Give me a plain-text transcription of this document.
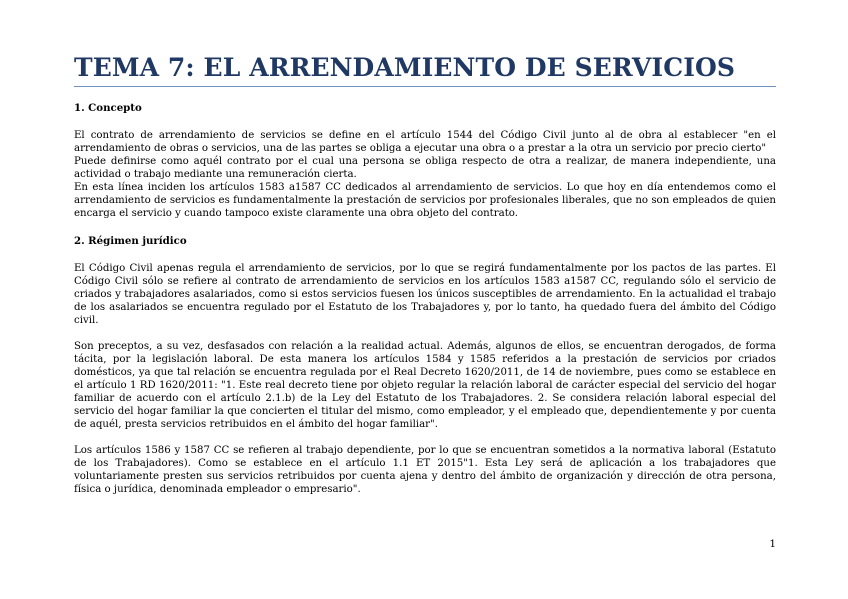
TEMA 7: EL ARRENDAMIENTO DE SERVICIOS
1. Concepto

El contrato de arrendamiento de servicios se define en el artículo 1544 del Código Civil junto al de obra al establecer "en el arrendamiento de obras o servicios, una de las partes se obliga a ejecutar una obra o a prestar a la otra un servicio por precio cierto"

Puede definirse como aquél contrato por el cual una persona se obliga respecto de otra a realizar, de manera independiente, una actividad o trabajo mediante una remuneración cierta.

En esta línea inciden los artículos 1583 a1587 CC dedicados al arrendamiento de servicios. Lo que hoy en día entendemos como el arrendamiento de servicios es fundamentalmente la prestación de servicios por profesionales liberales, que no son empleados de quien encarga el servicio y cuando tampoco existe claramente una obra objeto del contrato.

2. Régimen jurídico

El Código Civil apenas regula el arrendamiento de servicios, por lo que se regirá fundamentalmente por los pactos de las partes. El Código Civil sólo se refiere al contrato de arrendamiento de servicios en los artículos 1583 a1587 CC, regulando sólo el servicio de criados y trabajadores asalariados, como si estos servicios fuesen los únicos susceptibles de arrendamiento. En la actualidad el trabajo de los asalariados se encuentra regulado por el Estatuto de los Trabajadores y, por lo tanto, ha quedado fuera del ámbito del Código civil.

Son preceptos, a su vez, desfasados con relación a la realidad actual. Además, algunos de ellos, se encuentran derogados, de forma tácita, por la legislación laboral. De esta manera los artículos 1584 y 1585 referidos a la prestación de servicios por criados domésticos, ya que tal relación se encuentra regulada por el Real Decreto 1620/2011, de 14 de noviembre, pues como se establece en el artículo 1 RD 1620/2011: "1. Este real decreto tiene por objeto regular la relación laboral de carácter especial del servicio del hogar familiar de acuerdo con el artículo 2.1.b) de la Ley del Estatuto de los Trabajadores. 2. Se considera relación laboral especial del servicio del hogar familiar la que concierten el titular del mismo, como empleador, y el empleado que, dependientemente y por cuenta de aquél, presta servicios retribuidos en el ámbito del hogar familiar".

Los artículos 1586 y 1587 CC se refieren al trabajo dependiente, por lo que se encuentran sometidos a la normativa laboral (Estatuto de los Trabajadores). Como se establece en el artículo 1.1 ET 2015"1. Esta Ley será de aplicación a los trabajadores que voluntariamente presten sus servicios retribuidos por cuenta ajena y dentro del ámbito de organización y dirección de otra persona, física o jurídica, denominada empleador o empresario".

1
